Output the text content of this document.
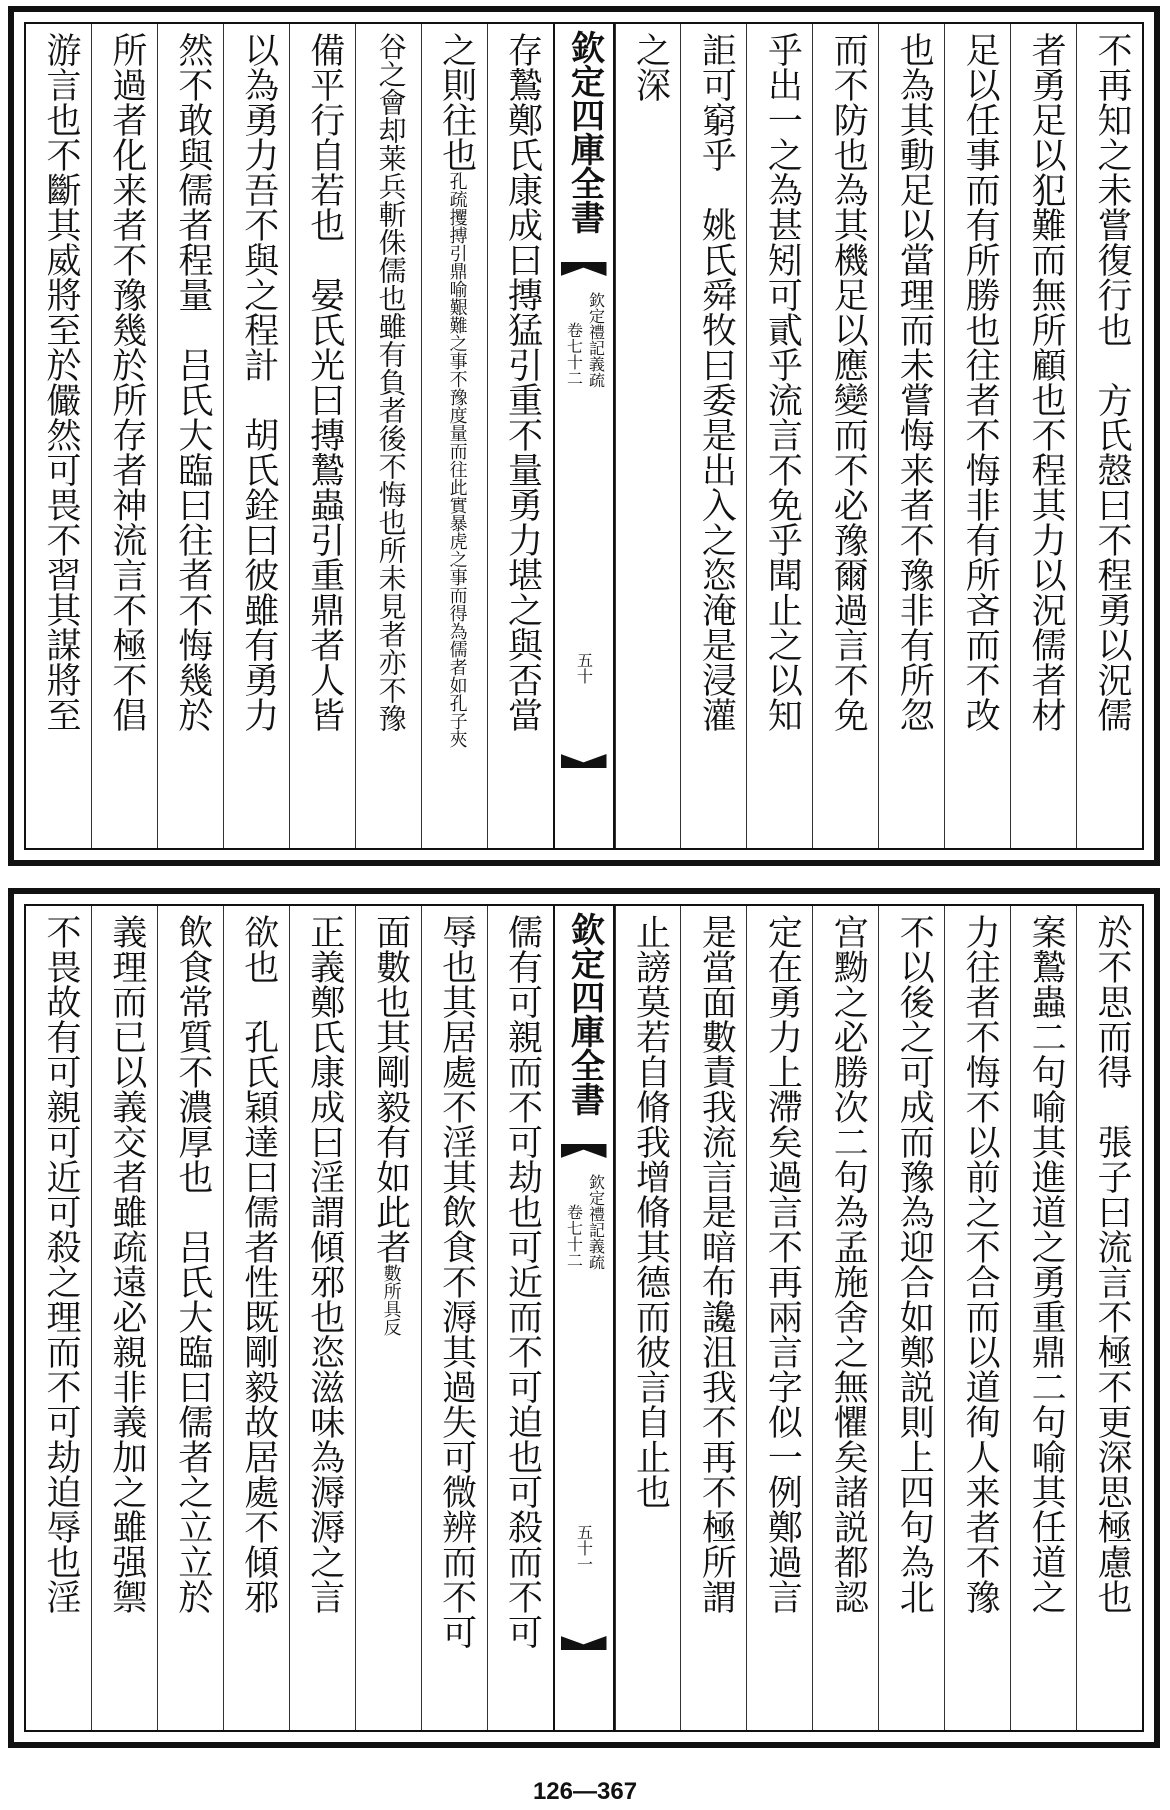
不再知之未嘗復行也　方氏慤曰不程勇以況儒
者勇足以犯難而無所顧也不程其力以況儒者材
足以任事而有所勝也往者不悔非有所吝而不改
也為其動足以當理而未嘗悔来者不豫非有所忽
而不防也為其機足以應變而不必豫爾過言不免
乎出一之為甚矧可貳乎流言不免乎聞止之以知
詎可窮乎　姚氏舜牧曰委是出入之恣淹是浸灌
之深
欽定四庫全書
欽定禮記義疏
卷七十二
五十
存鷙鄭氏康成曰摶猛引重不量勇力堪之與否當
之則往也孔疏攫搏引鼎喻艱難之事不豫度量而往此實暴虎之事而得為儒者如孔子夾
谷之會却莱兵斬侏儒也雖有負者後不悔也所未見者亦不豫
備平行自若也　晏氏光曰摶鷙蟲引重鼎者人皆
以為勇力吾不與之程計　胡氏銓曰彼雖有勇力
然不敢與儒者程量　吕氏大臨曰往者不悔幾於
所過者化来者不豫幾於所存者神流言不極不倡
游言也不斷其威將至於儼然可畏不習其謀將至
於不思而得　張子曰流言不極不更深思極慮也
案鷙蟲二句喻其進道之勇重鼎二句喻其任道之
力往者不悔不以前之不合而以道徇人来者不豫
不以後之可成而豫為迎合如鄭説則上四句為北
宫黝之必勝次二句為孟施舍之無懼矣諸説都認
定在勇力上滯矣過言不再兩言字似一例鄭過言
是當面數責我流言是暗布讒沮我不再不極所謂
止謗莫若自脩我增脩其德而彼言自止也
欽定四庫全書
欽定禮記義疏
卷七十二
五十一
儒有可親而不可劫也可近而不可迫也可殺而不可
辱也其居處不淫其飲食不溽其過失可微辨而不可
面數也其剛毅有如此者數所具反
正義鄭氏康成曰淫謂傾邪也恣滋味為溽溽之言
欲也　孔氏穎達曰儒者性既剛毅故居處不傾邪
飲食常質不濃厚也　吕氏大臨曰儒者之立立於
義理而已以義交者雖疏遠必親非義加之雖强禦
不畏故有可親可近可殺之理而不可劫迫辱也淫
126—367
